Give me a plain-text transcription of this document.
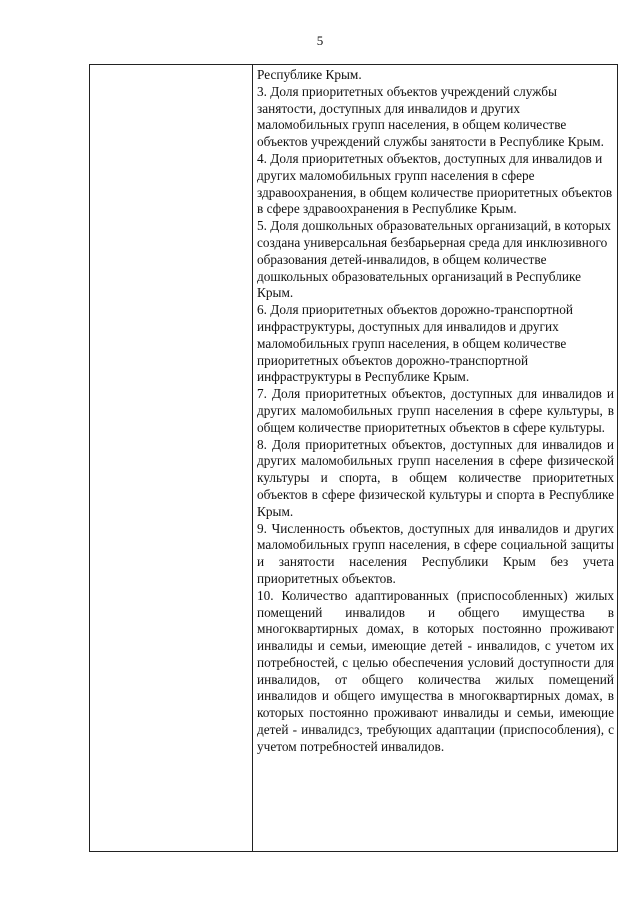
5

Республике Крым.

3. Доля приоритетных объектов учреждений службы занятости, доступных для инвалидов и других маломобильных групп населения, в общем количестве объектов учреждений службы занятости в Республике Крым.

4. Доля приоритетных объектов, доступных для инвалидов и других маломобильных групп населения в сфере здравоохранения, в общем количестве приоритетных объектов в сфере здравоохранения в Республике Крым.

5. Доля дошкольных образовательных организаций, в которых создана универсальная безбарьерная среда для инклюзивного образования детей-инвалидов, в общем количестве дошкольных образовательных организаций в Республике Крым.

6. Доля приоритетных объектов дорожно-транспортной инфраструктуры, доступных для инвалидов и других маломобильных групп населения, в общем количестве приоритетных объектов дорожно-транспортной инфраструктуры в Республике Крым.

7. Доля приоритетных объектов, доступных для инвалидов и других маломобильных групп населения в сфере культуры, в общем количестве приоритетных объектов в сфере культуры.

8. Доля приоритетных объектов, доступных для инвалидов и других маломобильных групп населения в сфере физической культуры и спорта, в общем количестве приоритетных объектов в сфере физической культуры и спорта в Республике Крым.

9. Численность объектов, доступных для инвалидов и других маломобильных групп населения, в сфере социальной защиты и занятости населения Республики Крым без учета приоритетных объектов.

10. Количество адаптированных (приспособленных) жилых помещений инвалидов и общего имущества в многоквартирных домах, в которых постоянно проживают инвалиды и семьи, имеющие детей - инвалидов, с учетом их потребностей, с целью обеспечения условий доступности для инвалидов, от общего количества жилых помещений инвалидов и общего имущества в многоквартирных домах, в которых постоянно проживают инвалиды и семьи, имеющие детей - инвалидсз, требующих адаптации (приспособления), с учетом потребностей инвалидов.
